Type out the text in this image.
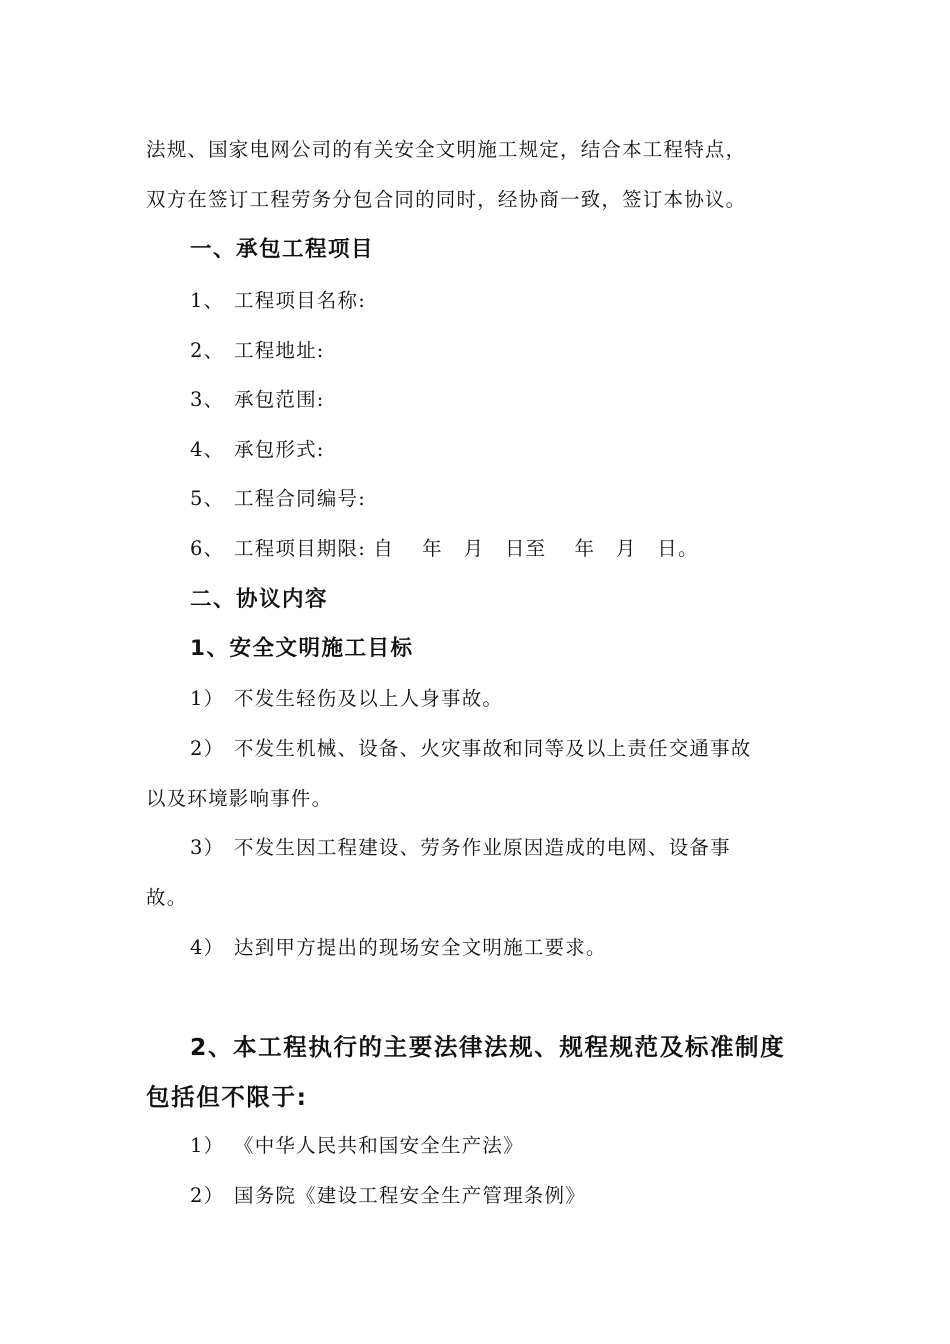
法规、国家电网公司的有关安全文明施工规定，结合本工程特点，
双方在签订工程劳务分包合同的同时，经协商一致，签订本协议。
一、承包工程项目
1、 工程项目名称:
2、 工程地址:
3、 承包范围:
4、 承包形式:
5、 工程合同编号:
6、 工程项目期限: 自　 年　月　日至　 年　月　日。
二、协议内容
1、安全文明施工目标
1） 不发生轻伤及以上人身事故。
2） 不发生机械、设备、火灾事故和同等及以上责任交通事故
以及环境影响事件。
3） 不发生因工程建设、劳务作业原因造成的电网、设备事
故。
4） 达到甲方提出的现场安全文明施工要求。
2、本工程执行的主要法律法规、规程规范及标准制度
包括但不限于:
1） 《中华人民共和国安全生产法》
2） 国务院《建设工程安全生产管理条例》
